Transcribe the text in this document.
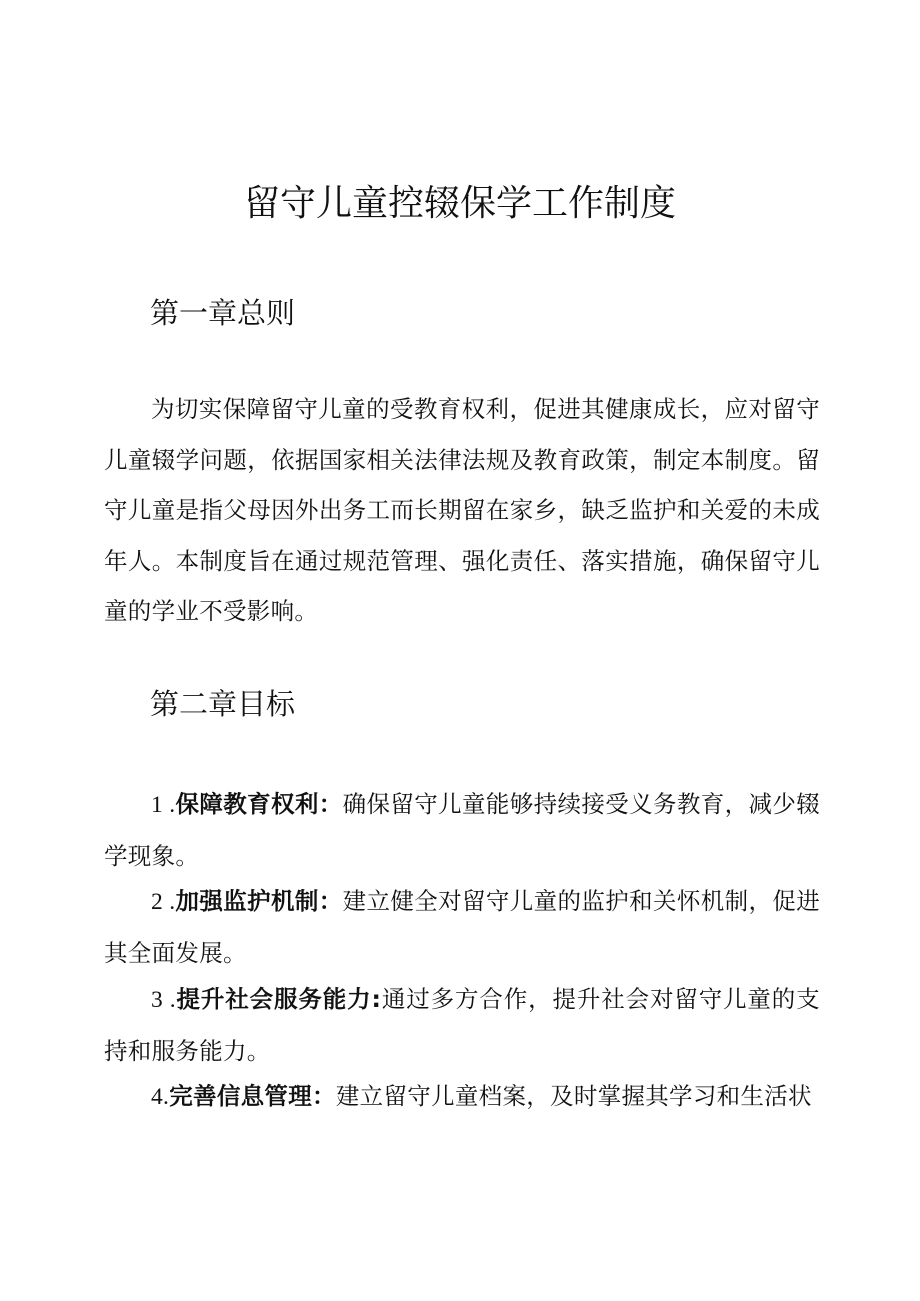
留守儿童控辍保学工作制度
第一章总则

为切实保障留守儿童的受教育权利，促进其健康成长，应对留守儿童辍学问题，依据国家相关法律法规及教育政策，制定本制度。留守儿童是指父母因外出务工而长期留在家乡，缺乏监护和关爱的未成年人。本制度旨在通过规范管理、强化责任、落实措施，确保留守儿童的学业不受影响。

第二章目标

1 .保障教育权利：确保留守儿童能够持续接受义务教育，减少辍学现象。

2 .加强监护机制：建立健全对留守儿童的监护和关怀机制，促进其全面发展。

3 .提升社会服务能力:通过多方合作，提升社会对留守儿童的支持和服务能力。

4.完善信息管理：建立留守儿童档案，及时掌握其学习和生活状
